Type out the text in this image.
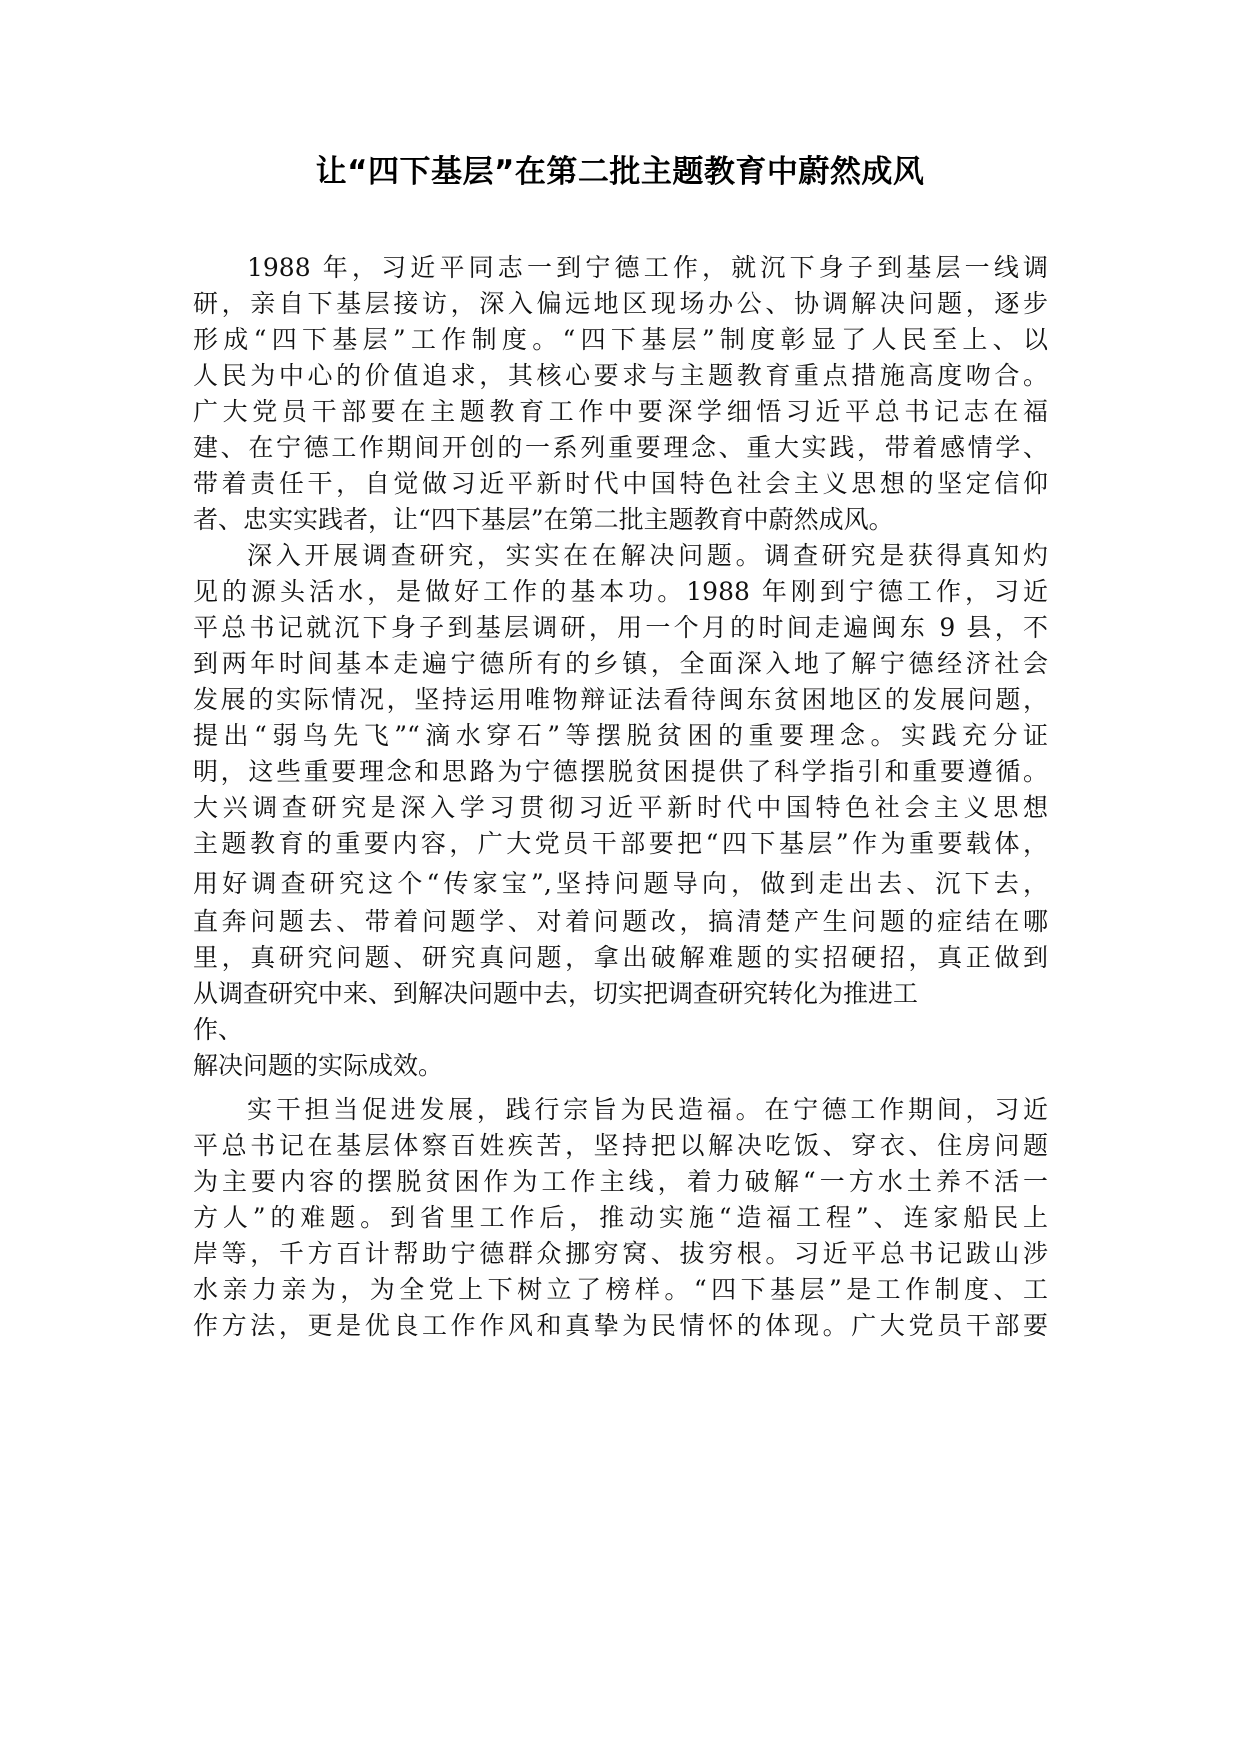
让“四下基层”在第二批主题教育中蔚然成风

1988 年，习近平同志一到宁德工作，就沉下身子到基层一线调

研，亲自下基层接访，深入偏远地区现场办公、协调解决问题，逐步

形成“四下基层”工作制度。“四下基层”制度彰显了人民至上、以

人民为中心的价值追求，其核心要求与主题教育重点措施高度吻合。

广大党员干部要在主题教育工作中要深学细悟习近平总书记志在福

建、在宁德工作期间开创的一系列重要理念、重大实践，带着感情学、

带着责任干，自觉做习近平新时代中国特色社会主义思想的坚定信仰

者、忠实实践者，让“四下基层”在第二批主题教育中蔚然成风。

深入开展调查研究，实实在在解决问题。调查研究是获得真知灼

见的源头活水，是做好工作的基本功。1988 年刚到宁德工作，习近

平总书记就沉下身子到基层调研，用一个月的时间走遍闽东 9 县，不

到两年时间基本走遍宁德所有的乡镇，全面深入地了解宁德经济社会

发展的实际情况，坚持运用唯物辩证法看待闽东贫困地区的发展问题，

提出“弱鸟先飞”“滴水穿石”等摆脱贫困的重要理念。实践充分证

明，这些重要理念和思路为宁德摆脱贫困提供了科学指引和重要遵循。

大兴调查研究是深入学习贯彻习近平新时代中国特色社会主义思想

主题教育的重要内容，广大党员干部要把“四下基层”作为重要载体，

用好调查研究这个“传家宝”,坚持问题导向，做到走出去、沉下去，

直奔问题去、带着问题学、对着问题改，搞清楚产生问题的症结在哪

里，真研究问题、研究真问题，拿出破解难题的实招硬招，真正做到

从调查研究中来、到解决问题中去，切实把调查研究转化为推进工

作、

解决问题的实际成效。

实干担当促进发展，践行宗旨为民造福。在宁德工作期间，习近

平总书记在基层体察百姓疾苦，坚持把以解决吃饭、穿衣、住房问题

为主要内容的摆脱贫困作为工作主线，着力破解“一方水土养不活一

方人”的难题。到省里工作后，推动实施“造福工程”、连家船民上

岸等，千方百计帮助宁德群众挪穷窝、拔穷根。习近平总书记跋山涉

水亲力亲为，为全党上下树立了榜样。“四下基层”是工作制度、工

作方法，更是优良工作作风和真挚为民情怀的体现。广大党员干部要
